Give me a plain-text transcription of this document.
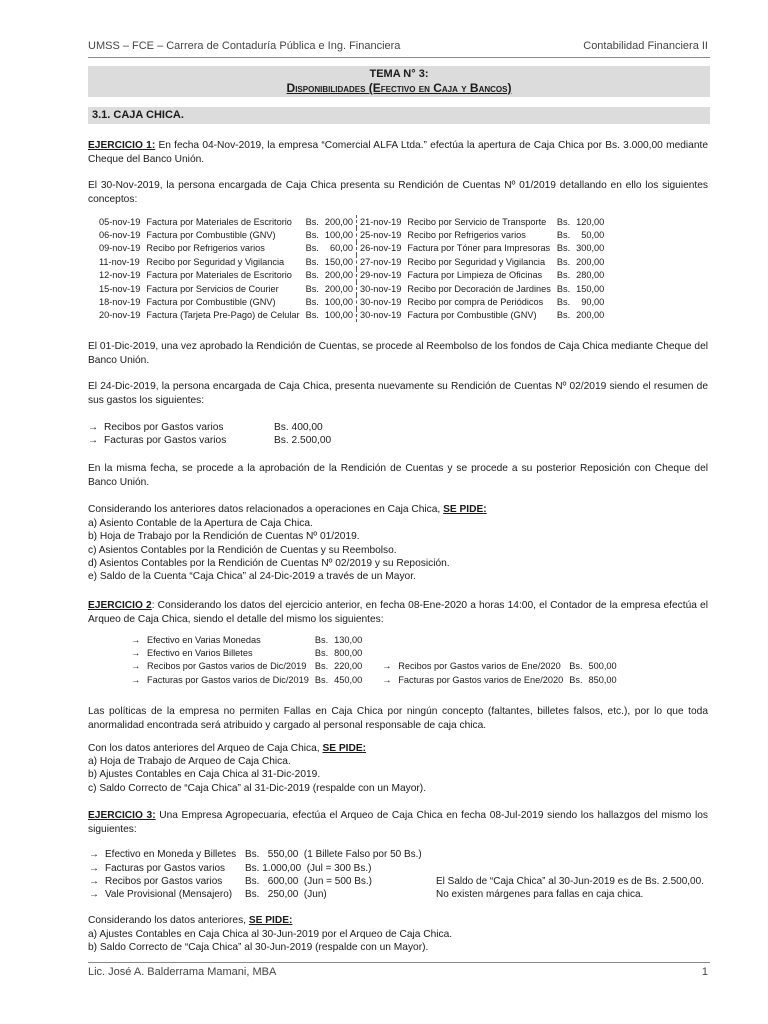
UMSS – FCE – Carrera de Contaduría Pública e Ing. Financiera	Contabilidad Financiera II
TEMA N° 3:
Disponibilidades (Efectivo en Caja y Bancos)
3.1. CAJA CHICA.
EJERCICIO 1: En fecha 04-Nov-2019, la empresa “Comercial ALFA Ltda.” efectúa la apertura de Caja Chica por Bs. 3.000,00 mediante Cheque del Banco Unión.
El 30-Nov-2019, la persona encargada de Caja Chica presenta su Rendición de Cuentas Nº 01/2019 detallando en ello los siguientes conceptos:
05-nov-19	Factura por Materiales de Escritorio	Bs.	200,00	21-nov-19	Recibo por Servicio de Transporte	Bs.	120,00
06-nov-19	Factura por Combustible (GNV)	Bs.	100,00	25-nov-19	Recibo por Refrigerios varios	Bs.	50,00
09-nov-19	Recibo por Refrigerios varios	Bs.	60,00	26-nov-19	Factura por Tóner para Impresoras	Bs.	300,00
11-nov-19	Recibo por Seguridad y Vigilancia	Bs.	150,00	27-nov-19	Recibo por Seguridad y Vigilancia	Bs.	200,00
12-nov-19	Factura por Materiales de Escritorio	Bs.	200,00	29-nov-19	Factura por Limpieza de Oficinas	Bs.	280,00
15-nov-19	Factura por Servicios de Courier	Bs.	200,00	30-nov-19	Recibo por Decoración de Jardines	Bs.	150,00
18-nov-19	Factura por Combustible (GNV)	Bs.	100,00	30-nov-19	Recibo por compra de Periódicos	Bs.	90,00
20-nov-19	Factura (Tarjeta Pre-Pago) de Celular	Bs.	100,00	30-nov-19	Factura por Combustible (GNV)	Bs.	200,00
El 01-Dic-2019, una vez aprobado la Rendición de Cuentas, se procede al Reembolso de los fondos de Caja Chica mediante Cheque del Banco Unión.
El 24-Dic-2019, la persona encargada de Caja Chica, presenta nuevamente su Rendición de Cuentas Nº 02/2019 siendo el resumen de sus gastos los siguientes:
→ Recibos por Gastos varios	Bs. 400,00
→ Facturas por Gastos varios	Bs. 2.500,00
En la misma fecha, se procede a la aprobación de la Rendición de Cuentas y se procede a su posterior Reposición con Cheque del Banco Unión.
Considerando los anteriores datos relacionados a operaciones en Caja Chica, SE PIDE:
a) Asiento Contable de la Apertura de Caja Chica.
b) Hoja de Trabajo por la Rendición de Cuentas Nº 01/2019.
c) Asientos Contables por la Rendición de Cuentas y su Reembolso.
d) Asientos Contables por la Rendición de Cuentas Nº 02/2019 y su Reposición.
e) Saldo de la Cuenta “Caja Chica” al 24-Dic-2019 a través de un Mayor.
EJERCICIO 2: Considerando los datos del ejercicio anterior, en fecha 08-Ene-2020 a horas 14:00, el Contador de la empresa efectúa el Arqueo de Caja Chica, siendo el detalle del mismo los siguientes:
→ Efectivo en Varias Monedas	Bs.	130,00				
→ Efectivo en Varios Billetes	Bs.	800,00				
→ Recibos por Gastos varios de Dic/2019	Bs.	220,00		→ Recibos por Gastos varios de Ene/2020	Bs.	500,00
→ Facturas por Gastos varios de Dic/2019	Bs.	450,00		→ Facturas por Gastos varios de Ene/2020	Bs.	850,00
Las políticas de la empresa no permiten Fallas en Caja Chica por ningún concepto (faltantes, billetes falsos, etc.), por lo que toda anormalidad encontrada será atribuido y cargado al personal responsable de caja chica.
Con los datos anteriores del Arqueo de Caja Chica, SE PIDE:
a) Hoja de Trabajo de Arqueo de Caja Chica.
b) Ajustes Contables en Caja Chica al 31-Dic-2019.
c) Saldo Correcto de “Caja Chica” al 31-Dic-2019 (respalde con un Mayor).
EJERCICIO 3: Una Empresa Agropecuaria, efectúa el Arqueo de Caja Chica en fecha 08-Jul-2019 siendo los hallazgos del mismo los siguientes:
→ Efectivo en Moneda y Billetes	Bs.   550,00  (1 Billete Falso por 50 Bs.)	
→ Facturas por Gastos varios	Bs. 1.000,00  (Jul = 300 Bs.)	
→ Recibos por Gastos varios	Bs.   600,00  (Jun = 500 Bs.)	El Saldo de “Caja Chica” al 30-Jun-2019 es de Bs. 2.500,00.
→ Vale Provisional (Mensajero)	Bs.   250,00  (Jun)	No existen márgenes para fallas en caja chica.
Considerando los datos anteriores, SE PIDE:
a) Ajustes Contables en Caja Chica al 30-Jun-2019 por el Arqueo de Caja Chica.
b) Saldo Correcto de “Caja Chica” al 30-Jun-2019 (respalde con un Mayor).
Lic. José A. Balderrama Mamani, MBA	1
